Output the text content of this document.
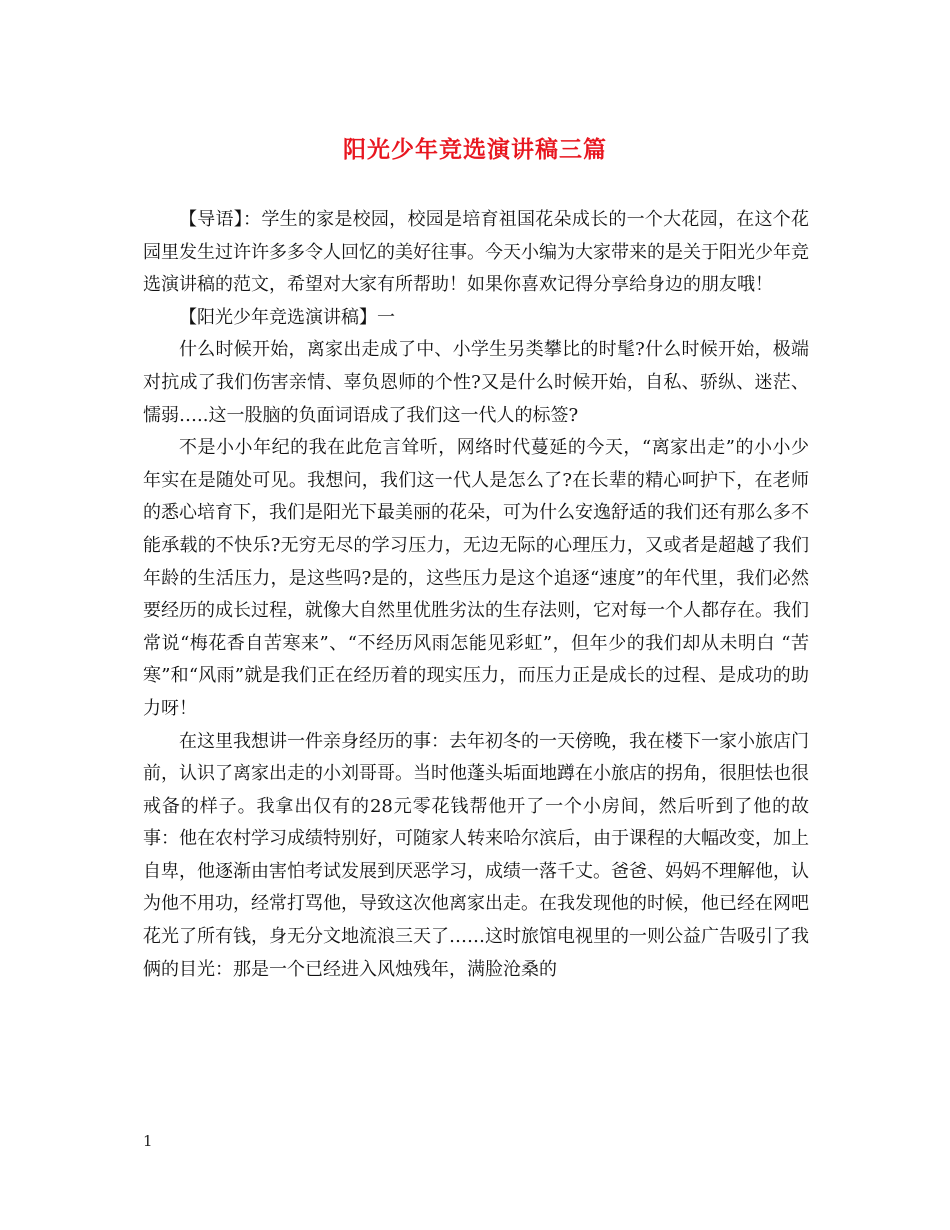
阳光少年竞选演讲稿三篇

【导语】：学生的家是校园，校园是培育祖国花朵成长的一个大花园，在这个花园里发生过许许多多令人回忆的美好往事。今天小编为大家带来的是关于阳光少年竞选演讲稿的范文，希望对大家有所帮助！如果你喜欢记得分享给身边的朋友哦！

【阳光少年竞选演讲稿】一

什么时候开始，离家出走成了中、小学生另类攀比的时髦?什么时候开始，极端对抗成了我们伤害亲情、辜负恩师的个性?又是什么时候开始，自私、骄纵、迷茫、懦弱…..这一股脑的负面词语成了我们这一代人的标签?

不是小小年纪的我在此危言耸听，网络时代蔓延的今天，“离家出走”的小小少年实在是随处可见。我想问，我们这一代人是怎么了?在长辈的精心呵护下，在老师的悉心培育下，我们是阳光下最美丽的花朵，可为什么安逸舒适的我们还有那么多不能承载的不快乐?无穷无尽的学习压力，无边无际的心理压力，又或者是超越了我们年龄的生活压力，是这些吗?是的，这些压力是这个追逐“速度”的年代里，我们必然要经历的成长过程，就像大自然里优胜劣汰的生存法则，它对每一个人都存在。我们常说“梅花香自苦寒来”、“不经历风雨怎能见彩虹”，但年少的我们却从未明白 “苦寒”和“风雨”就是我们正在经历着的现实压力，而压力正是成长的过程、是成功的助力呀！

在这里我想讲一件亲身经历的事：去年初冬的一天傍晚，我在楼下一家小旅店门前，认识了离家出走的小刘哥哥。当时他蓬头垢面地蹲在小旅店的拐角，很胆怯也很戒备的样子。我拿出仅有的28元零花钱帮他开了一个小房间，然后听到了他的故事：他在农村学习成绩特别好，可随家人转来哈尔滨后，由于课程的大幅改变，加上自卑，他逐渐由害怕考试发展到厌恶学习，成绩一落千丈。爸爸、妈妈不理解他，认为他不用功，经常打骂他，导致这次他离家出走。在我发现他的时候，他已经在网吧花光了所有钱，身无分文地流浪三天了……这时旅馆电视里的一则公益广告吸引了我俩的目光：那是一个已经进入风烛残年，满脸沧桑的

1
